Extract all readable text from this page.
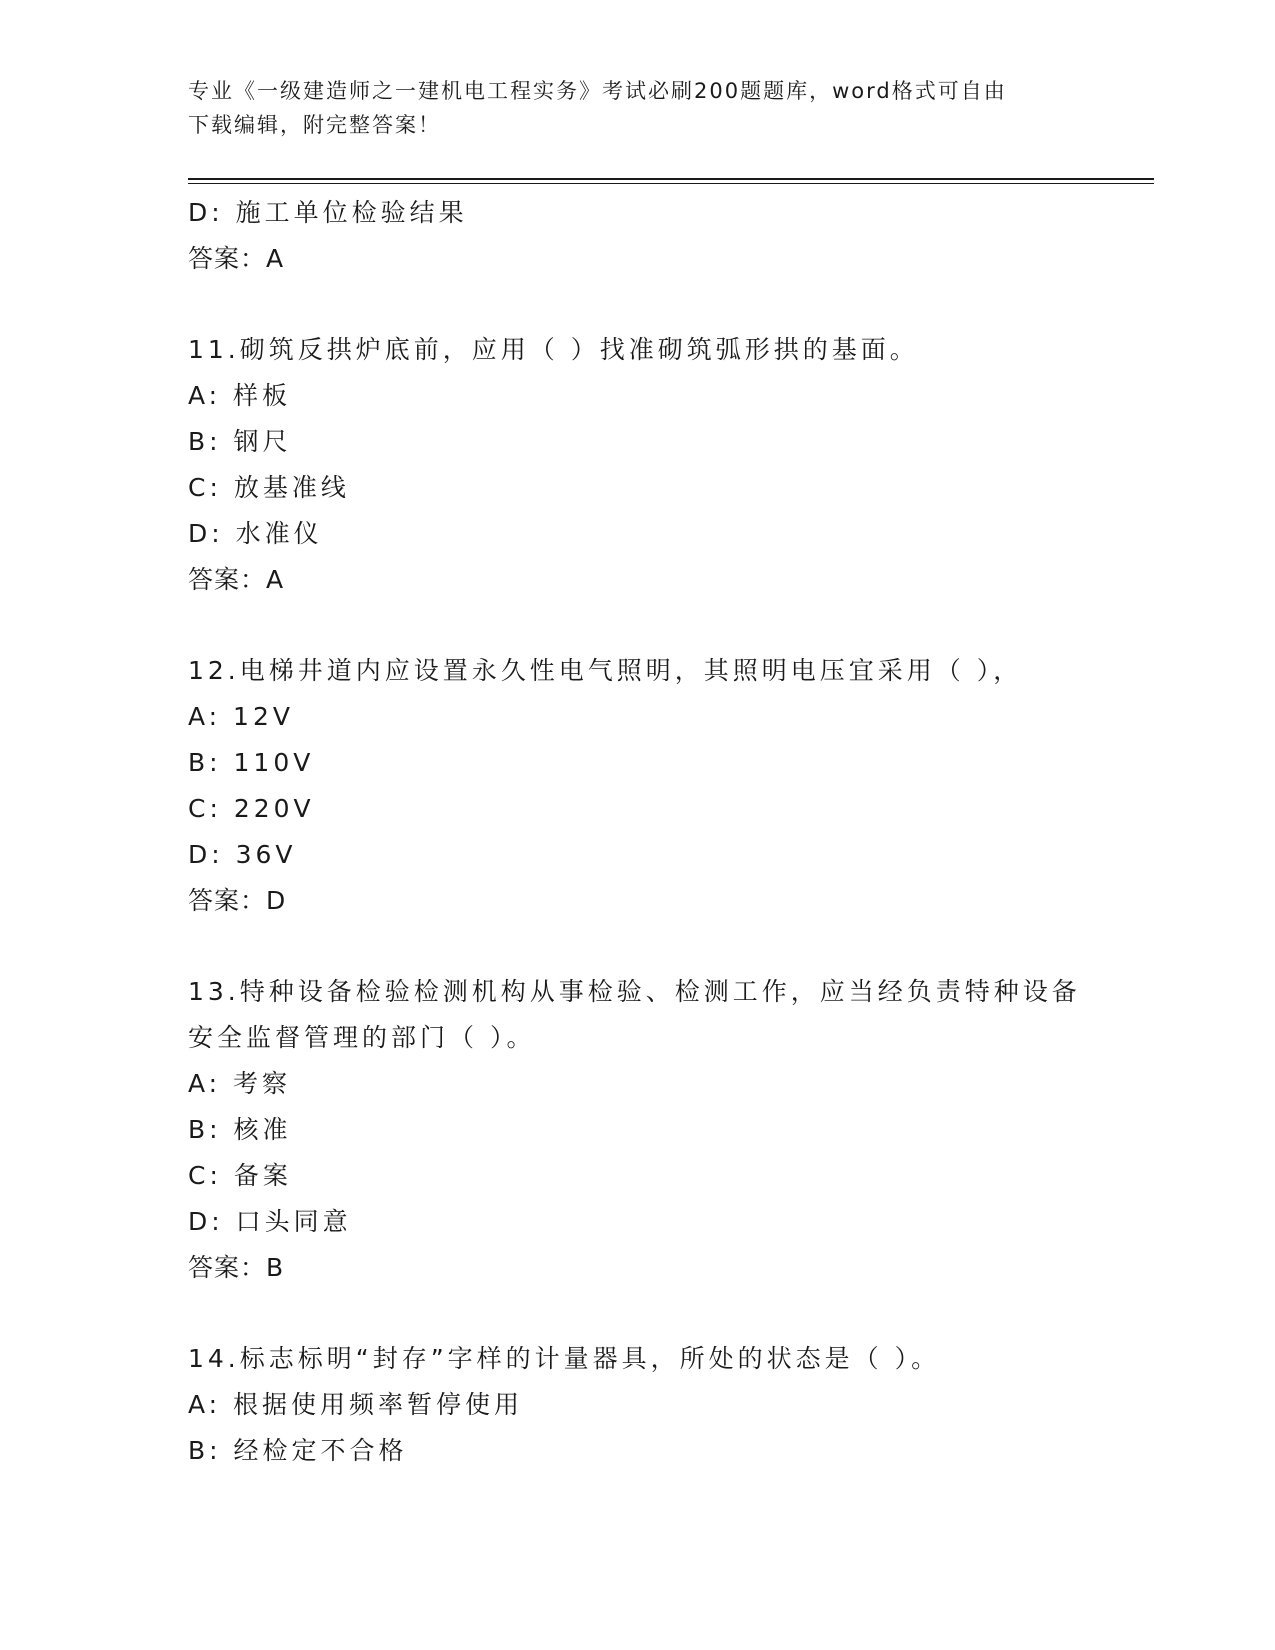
专业《一级建造师之一建机电工程实务》考试必刷200题题库，word格式可自由
下载编辑，附完整答案！
D: 施工单位检验结果
答案：A
11.砌筑反拱炉底前，应用（ ）找准砌筑弧形拱的基面。
A: 样板
B: 钢尺
C: 放基准线
D: 水准仪
答案：A
12.电梯井道内应设置永久性电气照明，其照明电压宜采用（ ），
A: 12V
B: 110V
C: 220V
D: 36V
答案：D
13.特种设备检验检测机构从事检验、检测工作，应当经负责特种设备
安全监督管理的部门（ ）。
A: 考察
B: 核准
C: 备案
D: 口头同意
答案：B
14.标志标明“封存”字样的计量器具，所处的状态是（ ）。
A: 根据使用频率暂停使用
B: 经检定不合格
